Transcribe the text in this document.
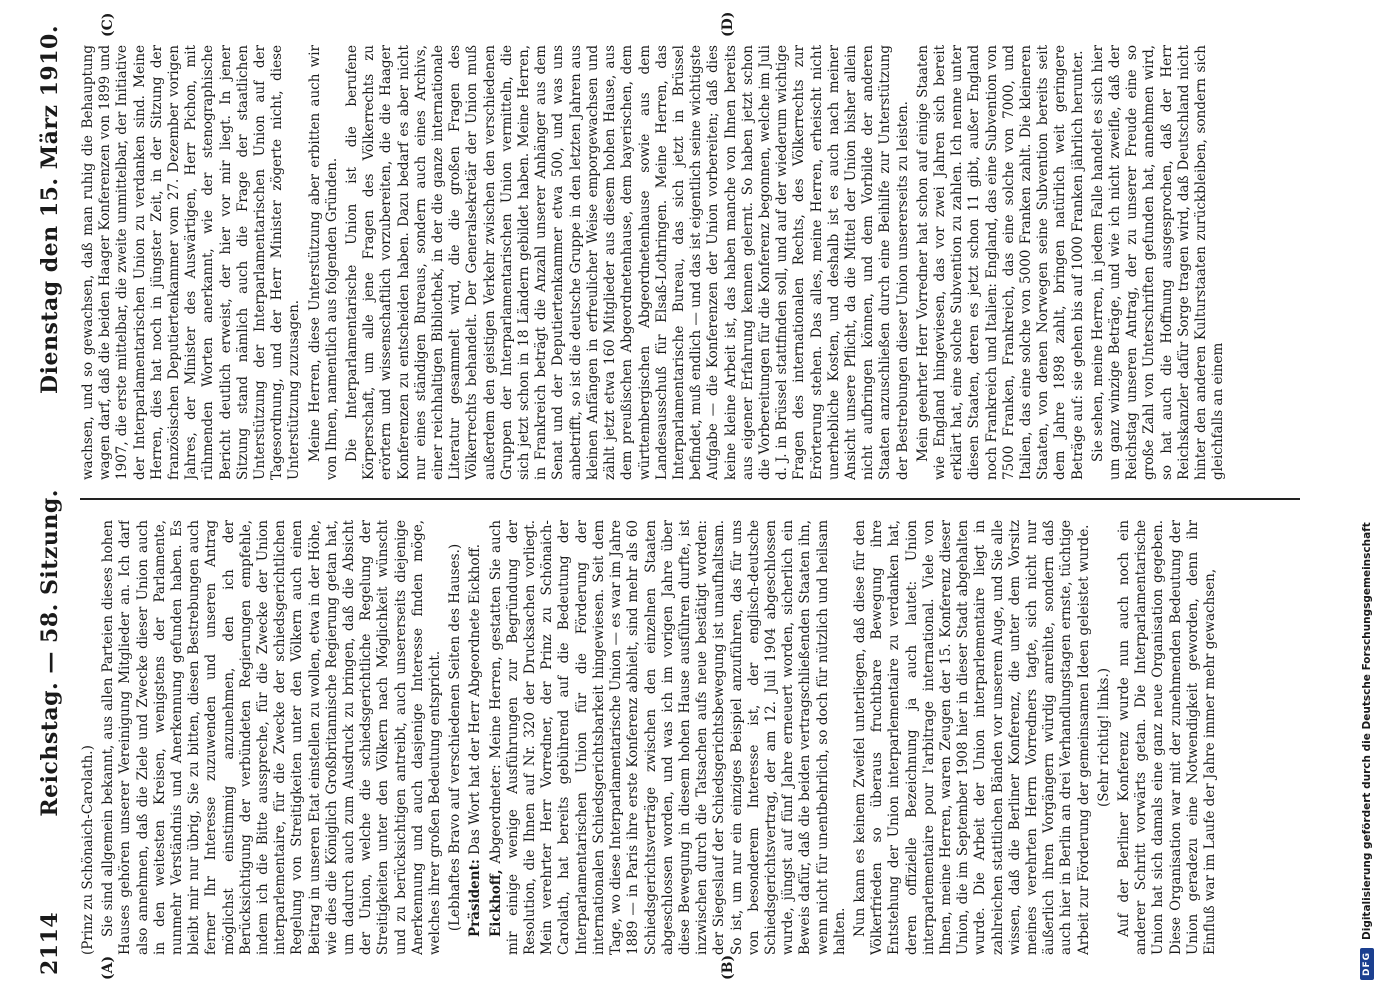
2114
Reichstag. — 58. Sitzung.
Dienstag den 15. März 1910.
(A)	(B)
(C)	(D)

(Prinz zu Schönaich-Carolath.) Sie sind allgemein bekannt, aus allen Parteien dieses hohen Hauses gehören unserer Vereinigung Mitglieder an. Ich darf also annehmen, daß die Ziele und Zwecke dieser Union auch in den weitesten Kreisen, wenigstens der Parlamente, nunmehr Verständnis und Anerkennung gefunden haben. Es bleibt mir nur übrig, Sie zu bitten, diesen Bestrebungen auch ferner Ihr Interesse zuzuwenden und unseren Antrag möglichst einstimmig anzunehmen, den ich der Berücksichtigung der verbündeten Regierungen empfehle, indem ich die Bitte ausspreche, für die Zwecke der Union interparlementaire, für die Zwecke der schiedsgerichtlichen Regelung von Streitigkeiten unter den Völkern auch einen Beitrag in unseren Etat einstellen zu wollen, etwa in der Höhe, wie dies die Königlich Großbritannische Regierung getan hat, um dadurch auch zum Ausdruck zu bringen, daß die Absicht der Union, welche die schiedsgerichtliche Regelung der Streitigkeiten unter den Völkern nach Möglichkeit wünscht und zu berücksichtigen antreibt, auch unsererseits diejenige Anerkennung und auch dasjenige Interesse finden möge, welches ihrer großen Bedeutung entspricht. (Lebhaftes Bravo auf verschiedenen Seiten des Hauses.) Präsident: Das Wort hat der Herr Abgeordnete Eickhoff.

Eickhoff, Abgeordneter: Meine Herren, gestatten Sie auch mir einige wenige Ausführungen zur Begründung der Resolution, die Ihnen auf Nr. 320 der Drucksachen vorliegt. Mein verehrter Herr Vorredner, der Prinz zu Schönaich-Carolath, hat bereits gebührend auf die Bedeutung der Interparlamentarischen Union für die Förderung der internationalen Schiedsgerichtsbarkeit hingewiesen. Seit dem Tage, wo diese Interparlamentarische Union — es war im Jahre 1889 — in Paris ihre erste Konferenz abhielt, sind mehr als 60 Schiedsgerichtsverträge zwischen den einzelnen Staaten abgeschlossen worden, und was ich im vorigen Jahre über diese Bewegung in diesem hohen Hause ausführen durfte, ist inzwischen durch die Tatsachen aufs neue bestätigt worden: der Siegeslauf der Schiedsgerichtsbewegung ist unaufhaltsam. So ist, um nur ein einziges Beispiel anzuführen, das für uns von besonderem Interesse ist, der englisch-deutsche Schiedsgerichtsvertrag, der am 12. Juli 1904 abgeschlossen wurde, jüngst auf fünf Jahre erneuert worden, sicherlich ein Beweis dafür, daß die beiden vertragschließenden Staaten ihn, wenn nicht für unentbehrlich, so doch für nützlich und heilsam halten. Nun kann es keinem Zweifel unterliegen, daß diese für den Völkerfrieden so überaus fruchtbare Bewegung ihre Entstehung der Union interparlementaire zu verdanken hat, deren offizielle Bezeichnung ja auch lautet: Union interparlementaire pour l'arbitrage international. Viele von Ihnen, meine Herren, waren Zeugen der 15. Konferenz dieser Union, die im September 1908 hier in dieser Stadt abgehalten wurde. Die Arbeit der Union interparlementaire liegt in zahlreichen stattlichen Bänden vor unserem Auge, und Sie alle wissen, daß die Berliner Konferenz, die unter dem Vorsitz meines verehrten Herrn Vorredners tagte, sich nicht nur äußerlich ihren Vorgängern würdig anreihte, sondern daß auch hier in Berlin an drei Verhandlungstagen ernste, tüchtige Arbeit zur Förderung der gemeinsamen Ideen geleistet wurde. (Sehr richtig! links.) Auf der Berliner Konferenz wurde nun auch noch ein anderer Schritt vorwärts getan. Die Interparlamentarische Union hat sich damals eine ganz neue Organisation gegeben. Diese Organisation war mit der zunehmenden Bedeutung der Union geradezu eine Notwendigkeit geworden, denn ihr Einfluß war im Laufe der Jahre immer mehr gewachsen,

wachsen, und so gewachsen, daß man ruhig die Behauptung wagen darf, daß die beiden Haager Konferenzen von 1899 und 1907, die erste mittelbar, die zweite unmittelbar, der Initiative der Interparlamentarischen Union zu verdanken sind. Meine Herren, dies hat noch in jüngster Zeit, in der Sitzung der französischen Deputiertenkammer vom 27. Dezember vorigen Jahres, der Minister des Auswärtigen, Herr Pichon, mit rühmenden Worten anerkannt, wie der stenographische Bericht deutlich erweist, der hier vor mir liegt. In jener Sitzung stand nämlich auch die Frage der staatlichen Unterstützung der Interparlamentarischen Union auf der Tagesordnung, und der Herr Minister zögerte nicht, diese Unterstützung zuzusagen. Meine Herren, diese Unterstützung aber erbitten auch wir von Ihnen, namentlich aus folgenden Gründen. Die Interparlamentarische Union ist die berufene Körperschaft, um alle jene Fragen des Völkerrechts zu erörtern und wissenschaftlich vorzubereiten, die die Haager Konferenzen zu entscheiden haben. Dazu bedarf es aber nicht nur eines ständigen Bureaus, sondern auch eines Archivs, einer reichhaltigen Bibliothek, in der die ganze internationale Literatur gesammelt wird, die die großen Fragen des Völkerrechts behandelt. Der Generalsekretär der Union muß außerdem den geistigen Verkehr zwischen den verschiedenen Gruppen der Interparlamentarischen Union vermitteln, die sich jetzt schon in 18 Ländern gebildet haben. Meine Herren, in Frankreich beträgt die Anzahl unserer Anhänger aus dem Senat und der Deputiertenkammer etwa 500, und was uns anbetrifft, so ist die deutsche Gruppe in den letzten Jahren aus kleinen Anfängen in erfreulicher Weise emporgewachsen und zählt jetzt etwa 160 Mitglieder aus diesem hohen Hause, aus dem preußischen Abgeordnetenhause, dem bayerischen, dem württembergischen Abgeordnetenhause sowie aus dem Landesausschuß für Elsaß-Lothringen. Meine Herren, das Interparlamentarische Bureau, das sich jetzt in Brüssel befindet, muß endlich — und das ist eigentlich seine wichtigste Aufgabe — die Konferenzen der Union vorbereiten; daß dies keine kleine Arbeit ist, das haben manche von Ihnen bereits aus eigener Erfahrung kennen gelernt. So haben jetzt schon die Vorbereitungen für die Konferenz begonnen, welche im Juli d. J. in Brüssel stattfinden soll, und auf der wiederum wichtige Fragen des internationalen Rechts, des Völkerrechts zur Erörterung stehen. Das alles, meine Herren, erheischt nicht unerhebliche Kosten, und deshalb ist es auch nach meiner Ansicht unsere Pflicht, da die Mittel der Union bisher allein nicht aufbringen können, und dem Vorbilde der anderen Staaten anzuschließen durch eine Beihilfe zur Unterstützung der Bestrebungen dieser Union unsererseits zu leisten. Mein geehrter Herr Vorredner hat schon auf einige Staaten wie England hingewiesen, das vor zwei Jahren sich bereit erklärt hat, eine solche Subvention zu zahlen. Ich nenne unter diesen Staaten, deren es jetzt schon 11 gibt, außer England noch Frankreich und Italien: England, das eine Subvention von 7500 Franken, Frankreich, das eine solche von 7000, und Italien, das eine solche von 5000 Franken zahlt. Die kleineren Staaten, von denen Norwegen seine Subvention bereits seit dem Jahre 1898 zahlt, bringen natürlich weit geringere Beträge auf: sie gehen bis auf 1000 Franken jährlich herunter. Sie sehen, meine Herren, in jedem Falle handelt es sich hier um ganz winzige Beträge, und wie ich nicht zweifle, daß der Reichstag unseren Antrag, der zu unserer Freude eine so große Zahl von Unterschriften gefunden hat, annehmen wird, so hat auch die Hoffnung ausgesprochen, daß der Herr Reichskanzler dafür Sorge tragen wird, daß Deutschland nicht hinter den anderen Kulturstaaten zurückbleiben, sondern sich gleichfalls an einem

DFG
Digitalisierung gefördert durch die Deutsche Forschungsgemeinschaft
